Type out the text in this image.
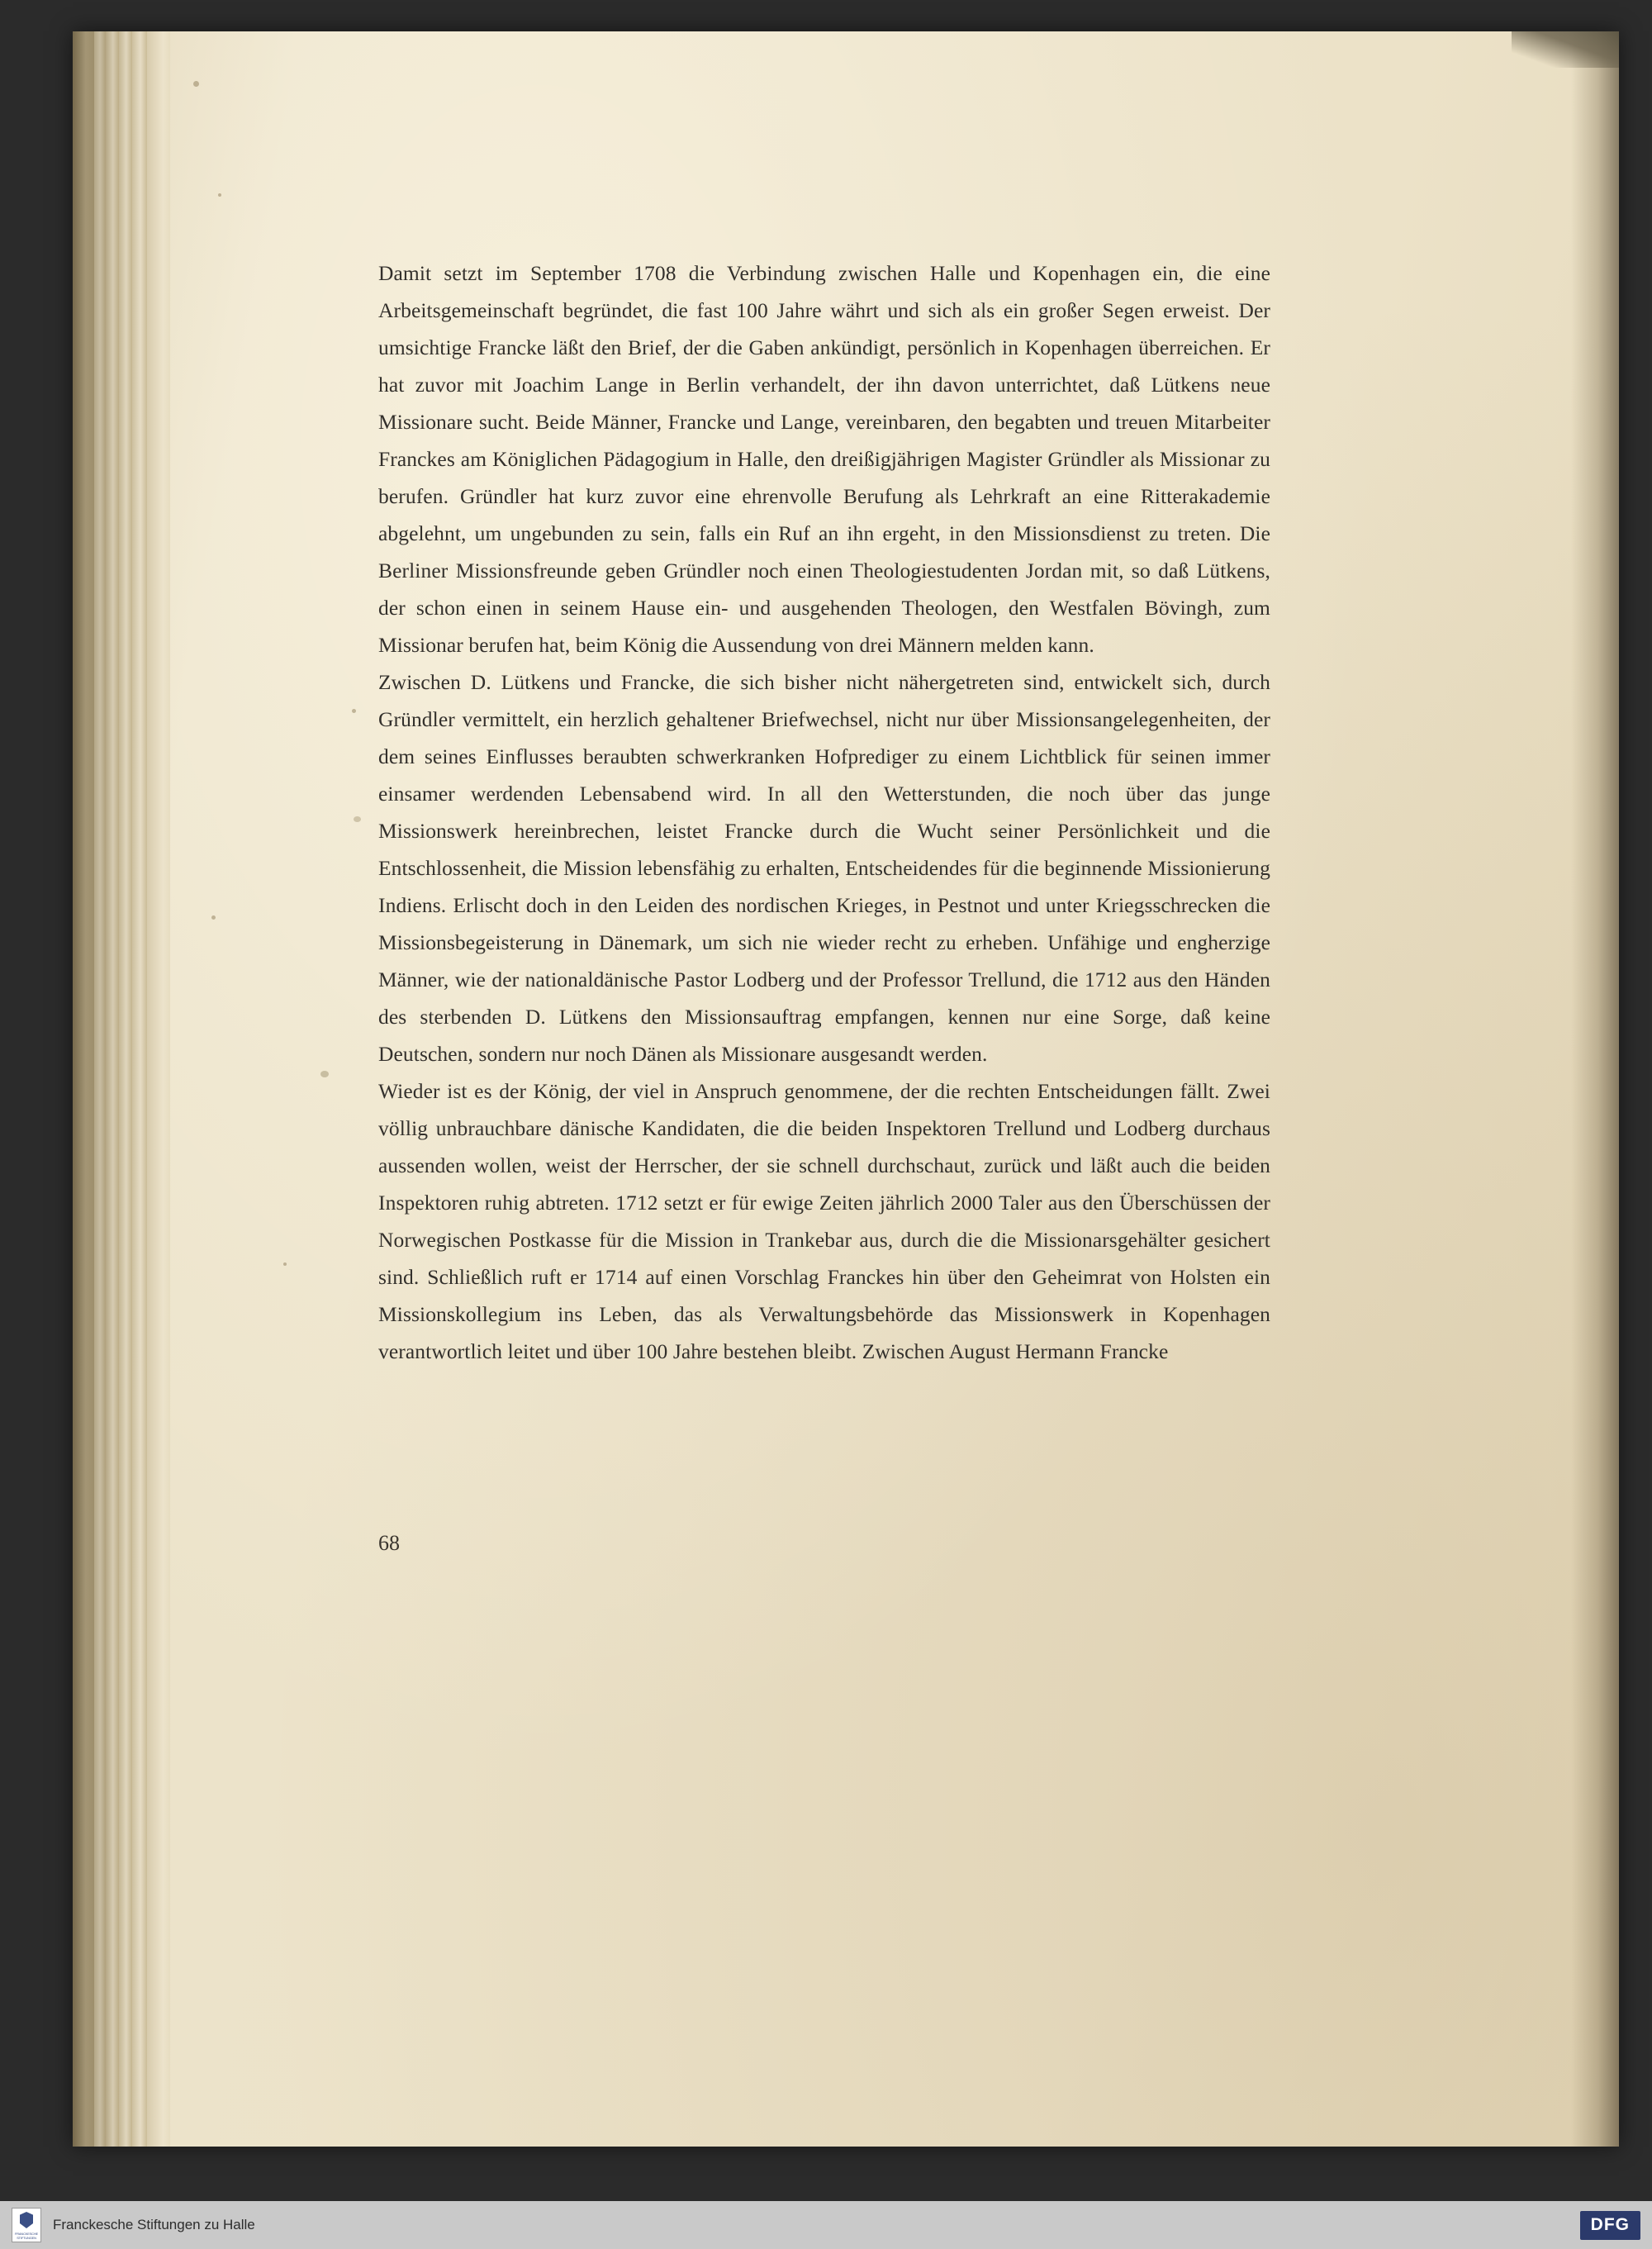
Damit setzt im September 1708 die Verbindung zwischen Halle und Kopenhagen ein, die eine Arbeitsgemeinschaft begründet, die fast 100 Jahre währt und sich als ein großer Segen erweist. Der umsichtige Francke läßt den Brief, der die Gaben ankündigt, persönlich in Kopenhagen überreichen. Er hat zuvor mit Joachim Lange in Berlin verhandelt, der ihn davon unterrichtet, daß Lütkens neue Missionare sucht. Beide Männer, Francke und Lange, vereinbaren, den begabten und treuen Mitarbeiter Franckes am Königlichen Pädagogium in Halle, den dreißigjährigen Magister Gründler als Missionar zu berufen. Gründler hat kurz zuvor eine ehrenvolle Berufung als Lehrkraft an eine Ritterakademie abgelehnt, um ungebunden zu sein, falls ein Ruf an ihn ergeht, in den Missionsdienst zu treten. Die Berliner Missionsfreunde geben Gründler noch einen Theologiestudenten Jordan mit, so daß Lütkens, der schon einen in seinem Hause ein- und ausgehenden Theologen, den Westfalen Bövingh, zum Missionar berufen hat, beim König die Aussendung von drei Männern melden kann.

Zwischen D. Lütkens und Francke, die sich bisher nicht nähergetreten sind, entwickelt sich, durch Gründler vermittelt, ein herzlich gehaltener Briefwechsel, nicht nur über Missionsangelegenheiten, der dem seines Einflusses beraubten schwerkranken Hofprediger zu einem Lichtblick für seinen immer einsamer werdenden Lebensabend wird. In all den Wetterstunden, die noch über das junge Missionswerk hereinbrechen, leistet Francke durch die Wucht seiner Persönlichkeit und die Entschlossenheit, die Mission lebensfähig zu erhalten, Entscheidendes für die beginnende Missionierung Indiens. Erlischt doch in den Leiden des nordischen Krieges, in Pestnot und unter Kriegsschrecken die Missionsbegeisterung in Dänemark, um sich nie wieder recht zu erheben. Unfähige und engherzige Männer, wie der nationaldänische Pastor Lodberg und der Professor Trellund, die 1712 aus den Händen des sterbenden D. Lütkens den Missionsauftrag empfangen, kennen nur eine Sorge, daß keine Deutschen, sondern nur noch Dänen als Missionare ausgesandt werden.

Wieder ist es der König, der viel in Anspruch genommene, der die rechten Entscheidungen fällt. Zwei völlig unbrauchbare dänische Kandidaten, die die beiden Inspektoren Trellund und Lodberg durchaus aussenden wollen, weist der Herrscher, der sie schnell durchschaut, zurück und läßt auch die beiden Inspektoren ruhig abtreten. 1712 setzt er für ewige Zeiten jährlich 2000 Taler aus den Überschüssen der Norwegischen Postkasse für die Mission in Trankebar aus, durch die die Missionarsgehälter gesichert sind. Schließlich ruft er 1714 auf einen Vorschlag Franckes hin über den Geheimrat von Holsten ein Missionskollegium ins Leben, das als Verwaltungsbehörde das Missionswerk in Kopenhagen verantwortlich leitet und über 100 Jahre bestehen bleibt. Zwischen August Hermann Francke

68
FRANCKESCHE STIFTUNGEN
Franckesche Stiftungen zu Halle	DFG
